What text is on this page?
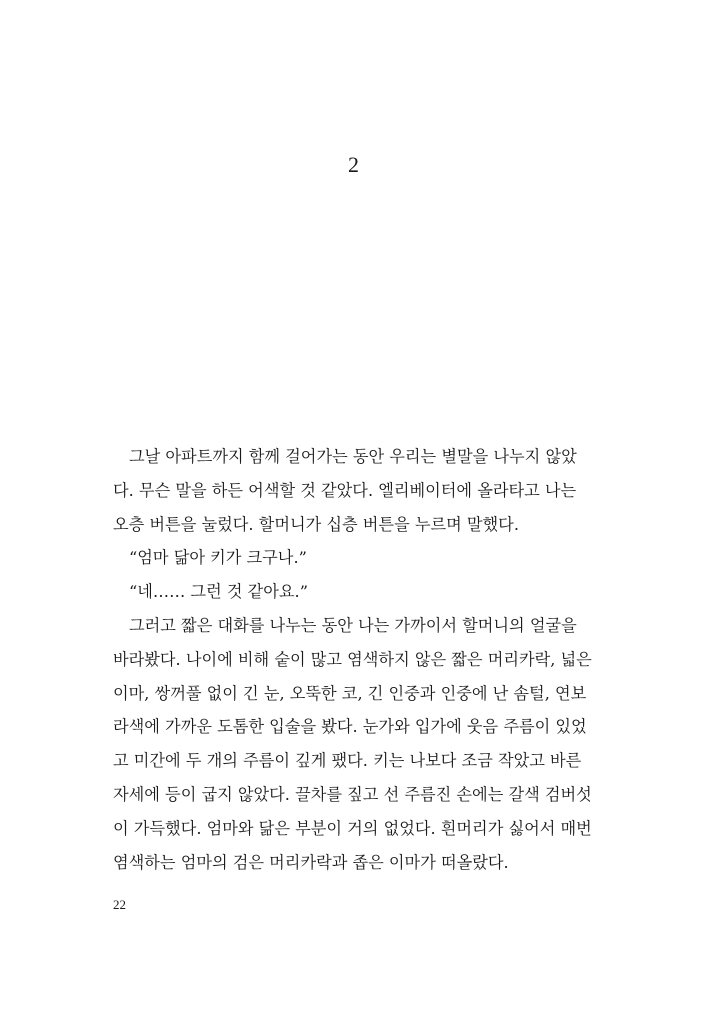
2
그날 아파트까지 함께 걸어가는 동안 우리는 별말을 나누지 않았
다. 무슨 말을 하든 어색할 것 같았다. 엘리베이터에 올라타고 나는
오층 버튼을 눌렀다. 할머니가 십층 버튼을 누르며 말했다.
“엄마 닮아 키가 크구나.”
“네…… 그런 것 같아요.”
그러고 짧은 대화를 나누는 동안 나는 가까이서 할머니의 얼굴을
바라봤다. 나이에 비해 숱이 많고 염색하지 않은 짧은 머리카락, 넓은
이마, 쌍꺼풀 없이 긴 눈, 오뚝한 코, 긴 인중과 인중에 난 솜털, 연보
라색에 가까운 도톰한 입술을 봤다. 눈가와 입가에 웃음 주름이 있었
고 미간에 두 개의 주름이 깊게 팼다. 키는 나보다 조금 작았고 바른
자세에 등이 굽지 않았다. 끌차를 짚고 선 주름진 손에는 갈색 검버섯
이 가득했다. 엄마와 닮은 부분이 거의 없었다. 흰머리가 싫어서 매번
염색하는 엄마의 검은 머리카락과 좁은 이마가 떠올랐다.
22
